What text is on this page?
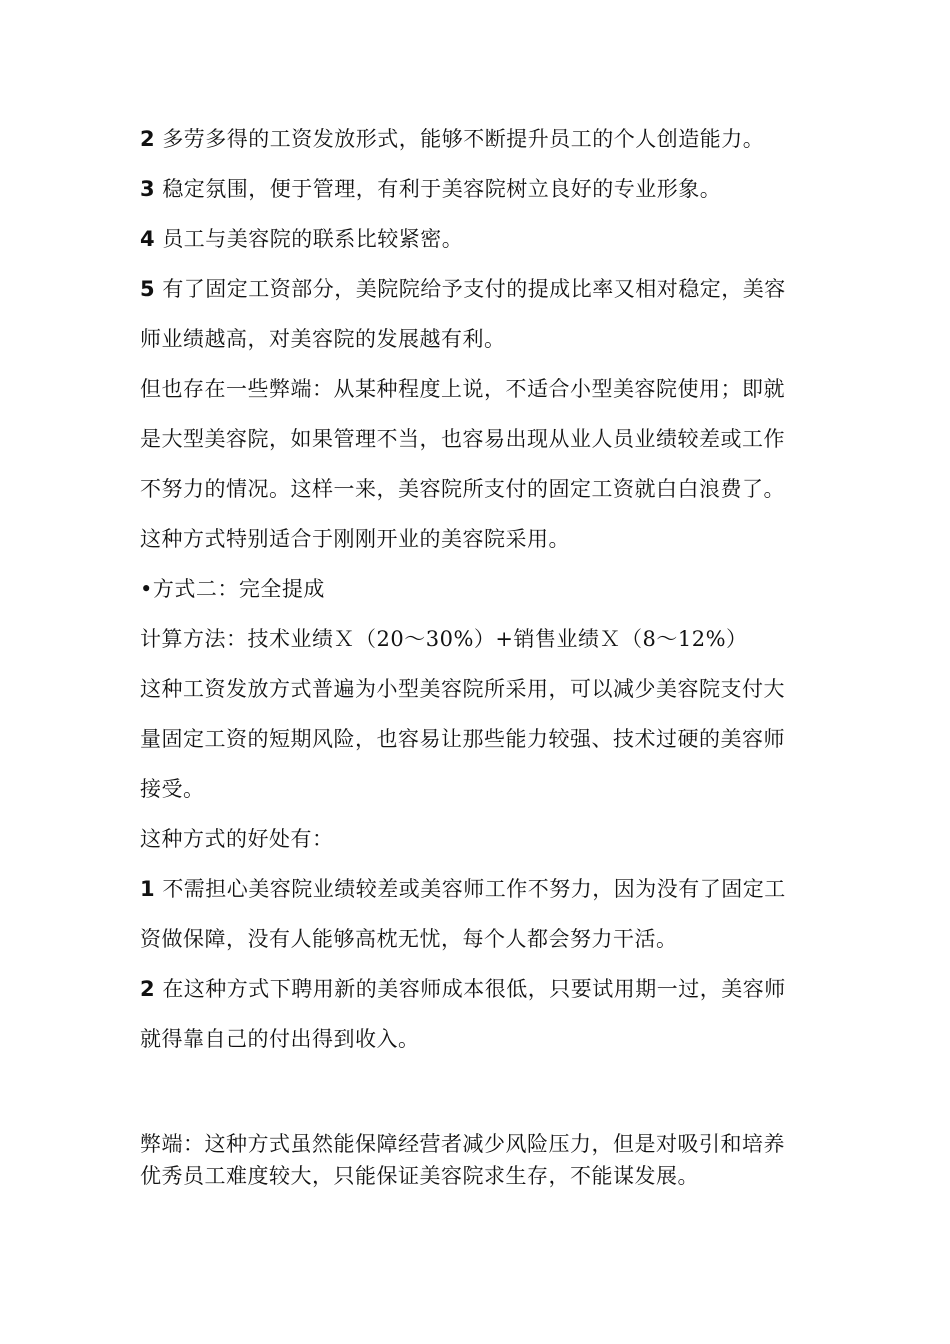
2 多劳多得的工资发放形式，能够不断提升员工的个人创造能力。

3 稳定氛围，便于管理，有利于美容院树立良好的专业形象。

4 员工与美容院的联系比较紧密。

5 有了固定工资部分，美院院给予支付的提成比率又相对稳定，美容
师业绩越高，对美容院的发展越有利。

但也存在一些弊端：从某种程度上说，不适合小型美容院使用；即就
是大型美容院，如果管理不当，也容易出现从业人员业绩较差或工作
不努力的情况。这样一来，美容院所支付的固定工资就白白浪费了。
这种方式特别适合于刚刚开业的美容院采用。

•方式二：完全提成

计算方法：技术业绩Ｘ（20～30%）+销售业绩Ｘ（8～12%）

这种工资发放方式普遍为小型美容院所采用，可以减少美容院支付大
量固定工资的短期风险，也容易让那些能力较强、技术过硬的美容师
接受。

这种方式的好处有：

1 不需担心美容院业绩较差或美容师工作不努力，因为没有了固定工
资做保障，没有人能够高枕无忧，每个人都会努力干活。

2 在这种方式下聘用新的美容师成本很低，只要试用期一过，美容师
就得靠自己的付出得到收入。

弊端：这种方式虽然能保障经营者减少风险压力，但是对吸引和培养
优秀员工难度较大，只能保证美容院求生存，不能谋发展。
